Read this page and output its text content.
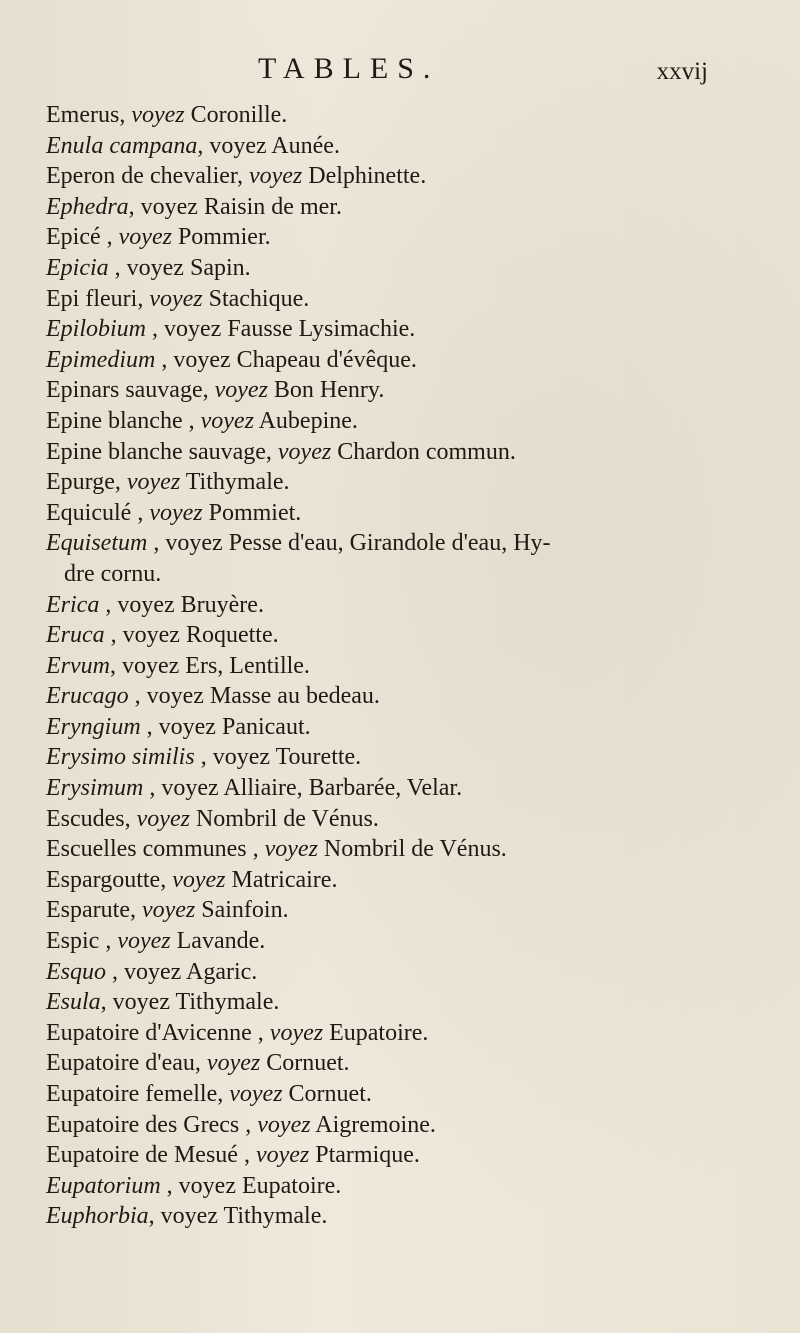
TABLES.	xxvij
Emerus, voyez Coronille.
Enula campana, voyez Aunée.
Eperon de chevalier, voyez Delphinette.
Ephedra, voyez Raisin de mer.
Epicé , voyez Pommier.
Epicia , voyez Sapin.
Epi fleuri, voyez Stachique.
Epilobium , voyez Fausse Lysimachie.
Epimedium , voyez Chapeau d'évêque.
Epinars sauvage, voyez Bon Henry.
Epine blanche , voyez Aubepine.
Epine blanche sauvage, voyez Chardon commun.
Epurge, voyez Tithymale.
Equiculé , voyez Pommiet.
Equisetum , voyez Pesse d'eau, Girandole d'eau, Hy-
dre cornu.
Erica , voyez Bruyère.
Eruca , voyez Roquette.
Ervum, voyez Ers, Lentille.
Erucago , voyez Masse au bedeau.
Eryngium , voyez Panicaut.
Erysimo similis , voyez Tourette.
Erysimum , voyez Alliaire, Barbarée, Velar.
Escudes, voyez Nombril de Vénus.
Escuelles communes , voyez Nombril de Vénus.
Espargoutte, voyez Matricaire.
Esparute, voyez Sainfoin.
Espic , voyez Lavande.
Esquo , voyez Agaric.
Esula, voyez Tithymale.
Eupatoire d'Avicenne , voyez Eupatoire.
Eupatoire d'eau, voyez Cornuet.
Eupatoire femelle, voyez Cornuet.
Eupatoire des Grecs , voyez Aigremoine.
Eupatoire de Mesué , voyez Ptarmique.
Eupatorium , voyez Eupatoire.
Euphorbia, voyez Tithymale.
